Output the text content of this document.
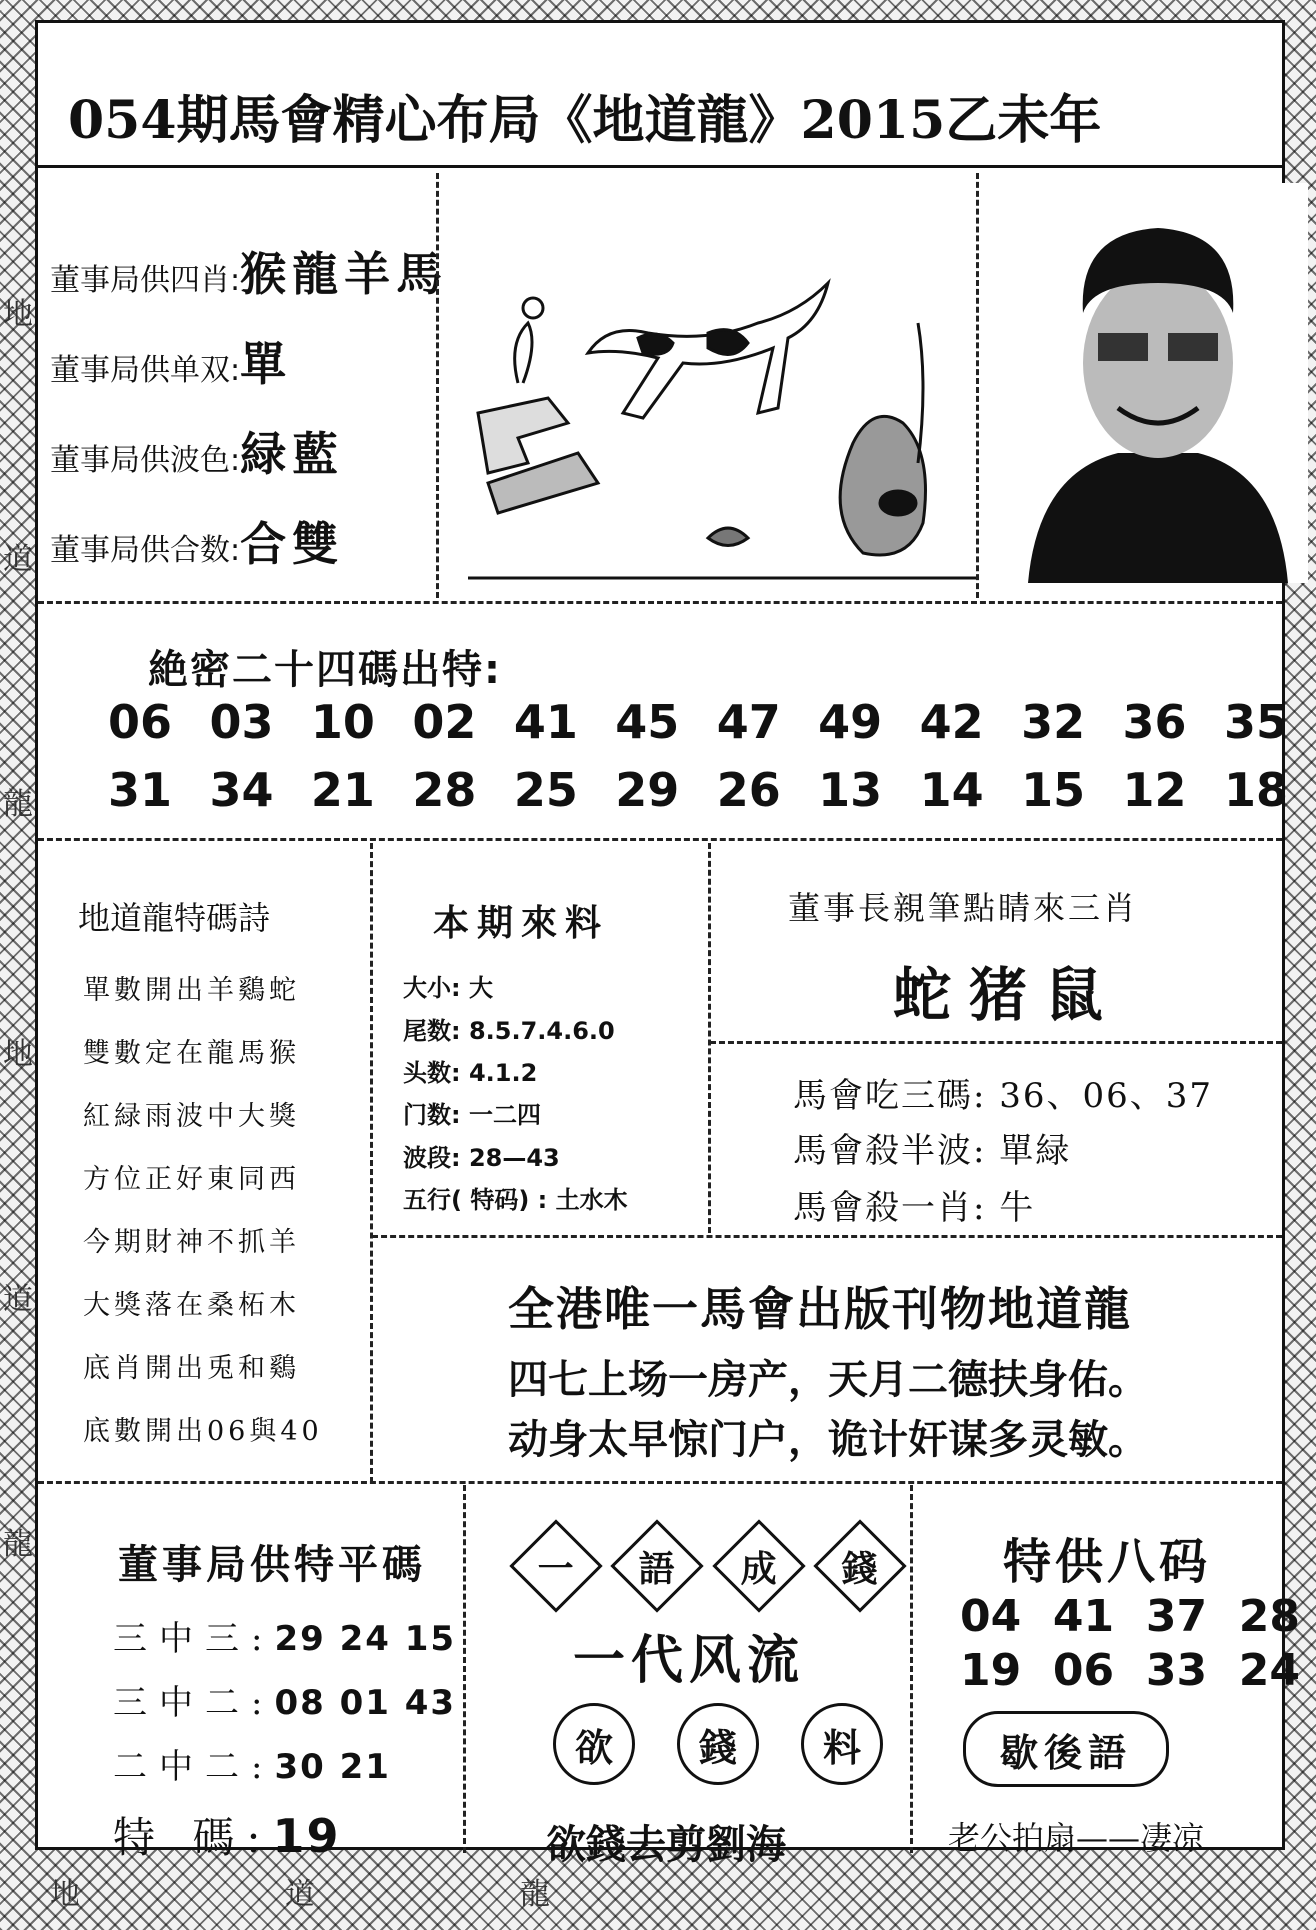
地
道
龍
地
道
龍
地	道	龍
054期馬會精心布局《地道龍》2015乙未年
董事局供四肖:猴龍羊馬
董事局供单双:單
董事局供波色:緑藍
董事局供合数:合雙
絶密二十四碼出特:
06 03 10 02 41 45 47 49 42 32 36 35
31 34 21 28 25 29 26 13 14 15 12 18
地道龍特碼詩
單數開出羊鷄蛇
雙數定在龍馬猴
紅緑雨波中大獎
方位正好東同西
今期財神不抓羊
大獎落在桑柘木
底肖開出兎和鷄
底數開出06與40
本期來料
大小: 大
尾数: 8.5.7.4.6.0
头数: 4.1.2
门数: 一二四
波段: 28—43
五行( 特码) : 土水木
董事長親筆點睛來三肖
蛇猪鼠
馬會吃三碼: 36、06、37
馬會殺半波: 單緑
馬會殺一肖: 牛
全港唯一馬會出版刊物地道龍
四七上场一房产，天月二德扶身佑。
动身太早惊门户，诡计奸谋多灵敏。
董事局供特平碼
三中三:29 24 15
三中二:08 01 43
二中二:30 21
特 碼:19
一 語 成 錢
一代风流
欲 錢 料
欲錢去剪劉海
特供八码
04 41 37 28
19 06 33 24
歇後語
老公拍扇——凄凉
